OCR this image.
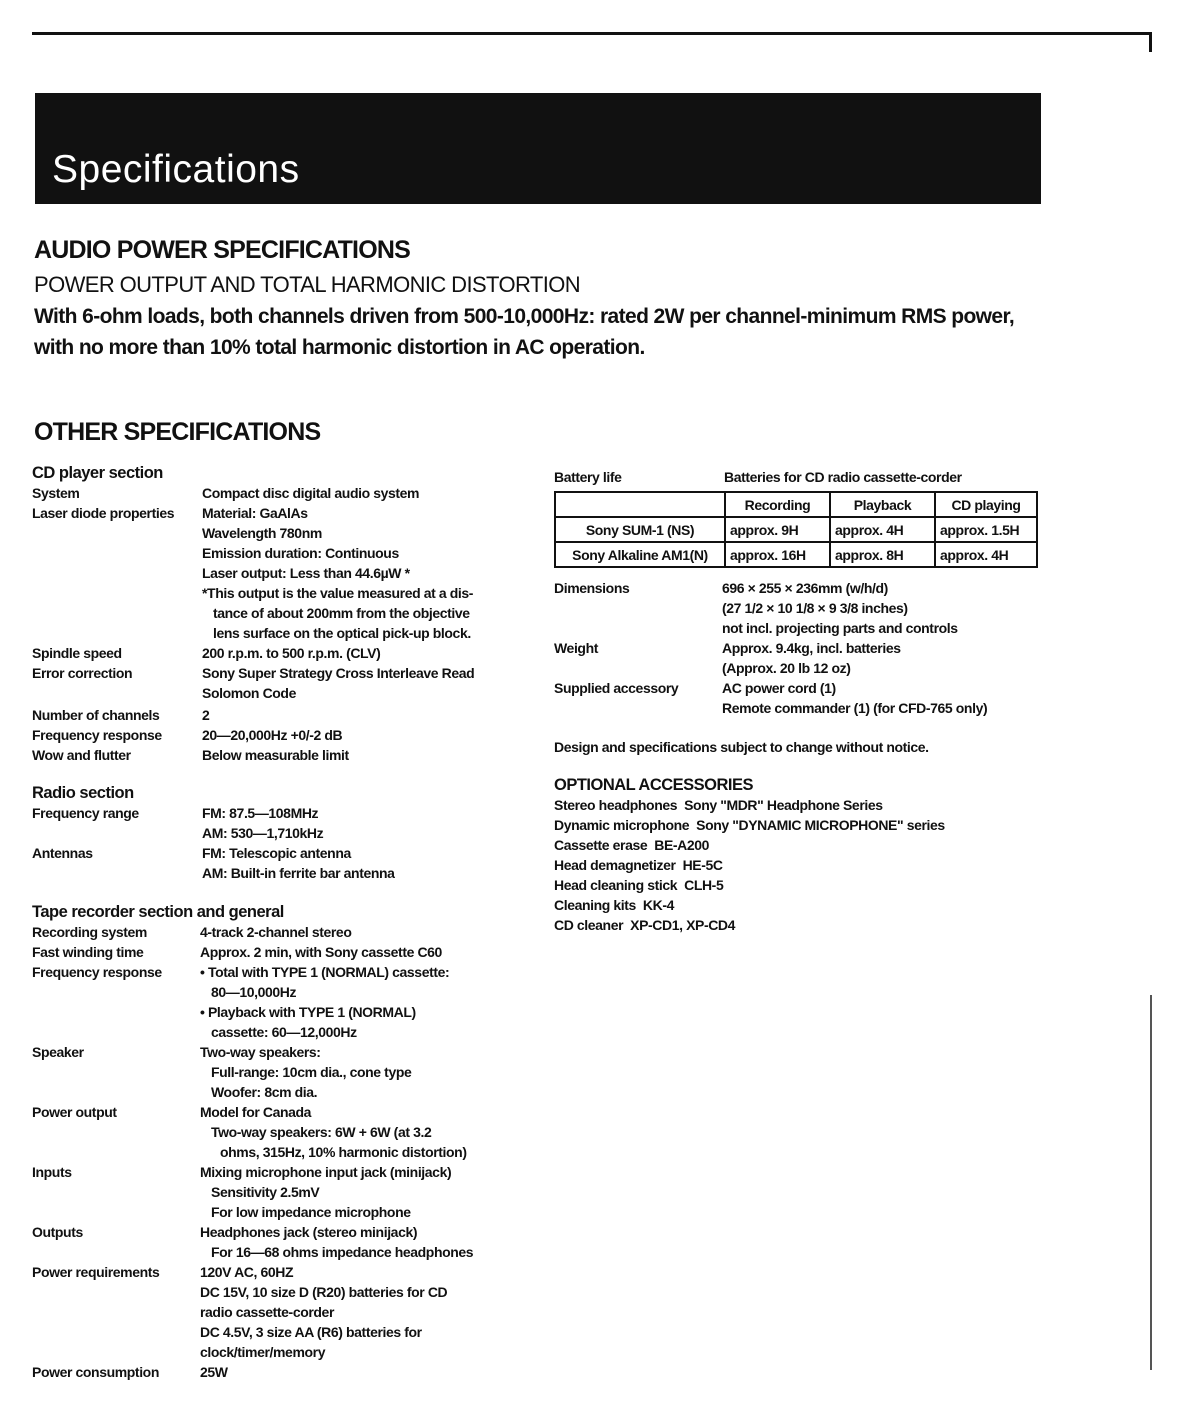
Specifications
AUDIO POWER SPECIFICATIONS
POWER OUTPUT AND TOTAL HARMONIC DISTORTION
With 6-ohm loads, both channels driven from 500-10,000Hz: rated 2W per channel-minimum RMS power, with no more than 10% total harmonic distortion in AC operation.
OTHER SPECIFICATIONS
CD player section
System	Compact disc digital audio system
Laser diode properties Material: GaAlAs
Wavelength 780nm
Emission duration: Continuous
Laser output: Less than 44.6µW *
*This output is the value measured at a dis-
tance of about 200mm from the objective
lens surface on the optical pick-up block.
Spindle speed	200 r.p.m. to 500 r.p.m. (CLV)
Error correction	Sony Super Strategy Cross Interleave Read
Solomon Code
Number of channels	2
Frequency response	20—20,000Hz +0/-2 dB
Wow and flutter	Below measurable limit
Radio section
Frequency range	FM: 87.5—108MHz
AM: 530—1,710kHz
Antennas	FM: Telescopic antenna
AM: Built-in ferrite bar antenna
Tape recorder section and general
Recording system	4-track 2-channel stereo
Fast winding time	Approx. 2 min, with Sony cassette C60
Frequency response	• Total with TYPE 1 (NORMAL) cassette:
80—10,000Hz
• Playback with TYPE 1 (NORMAL)
cassette: 60—12,000Hz
Speaker	Two-way speakers:
Full-range: 10cm dia., cone type
Woofer: 8cm dia.
Power output	Model for Canada
Two-way speakers: 6W + 6W (at 3.2
ohms, 315Hz, 10% harmonic distortion)
Inputs	Mixing microphone input jack (minijack)
Sensitivity 2.5mV
For low impedance microphone
Outputs	Headphones jack (stereo minijack)
For 16—68 ohms impedance headphones
Power requirements	120V AC, 60HZ
DC 15V, 10 size D (R20) batteries for CD
radio cassette-corder
DC 4.5V, 3 size AA (R6) batteries for
clock/timer/memory
Power consumption	25W
Battery life	Batteries for CD radio cassette-corder
	Recording	Playback	CD playing
Sony SUM-1 (NS)	approx. 9H	approx. 4H	approx. 1.5H
Sony Alkaline AM1(N)	approx. 16H	approx. 8H	approx. 4H
Dimensions	696 × 255 × 236mm (w/h/d)
(27 1/2 × 10 1/8 × 9 3/8 inches)
not incl. projecting parts and controls
Weight	Approx. 9.4kg, incl. batteries
(Approx. 20 lb 12 oz)
Supplied accessory	AC power cord (1)
Remote commander (1) (for CFD-765 only)
Design and specifications subject to change without notice.
OPTIONAL ACCESSORIES
Stereo headphones Sony "MDR" Headphone Series
Dynamic microphone Sony "DYNAMIC MICROPHONE" series
Cassette erase BE-A200
Head demagnetizer HE-5C
Head cleaning stick CLH-5
Cleaning kits KK-4
CD cleaner XP-CD1, XP-CD4
